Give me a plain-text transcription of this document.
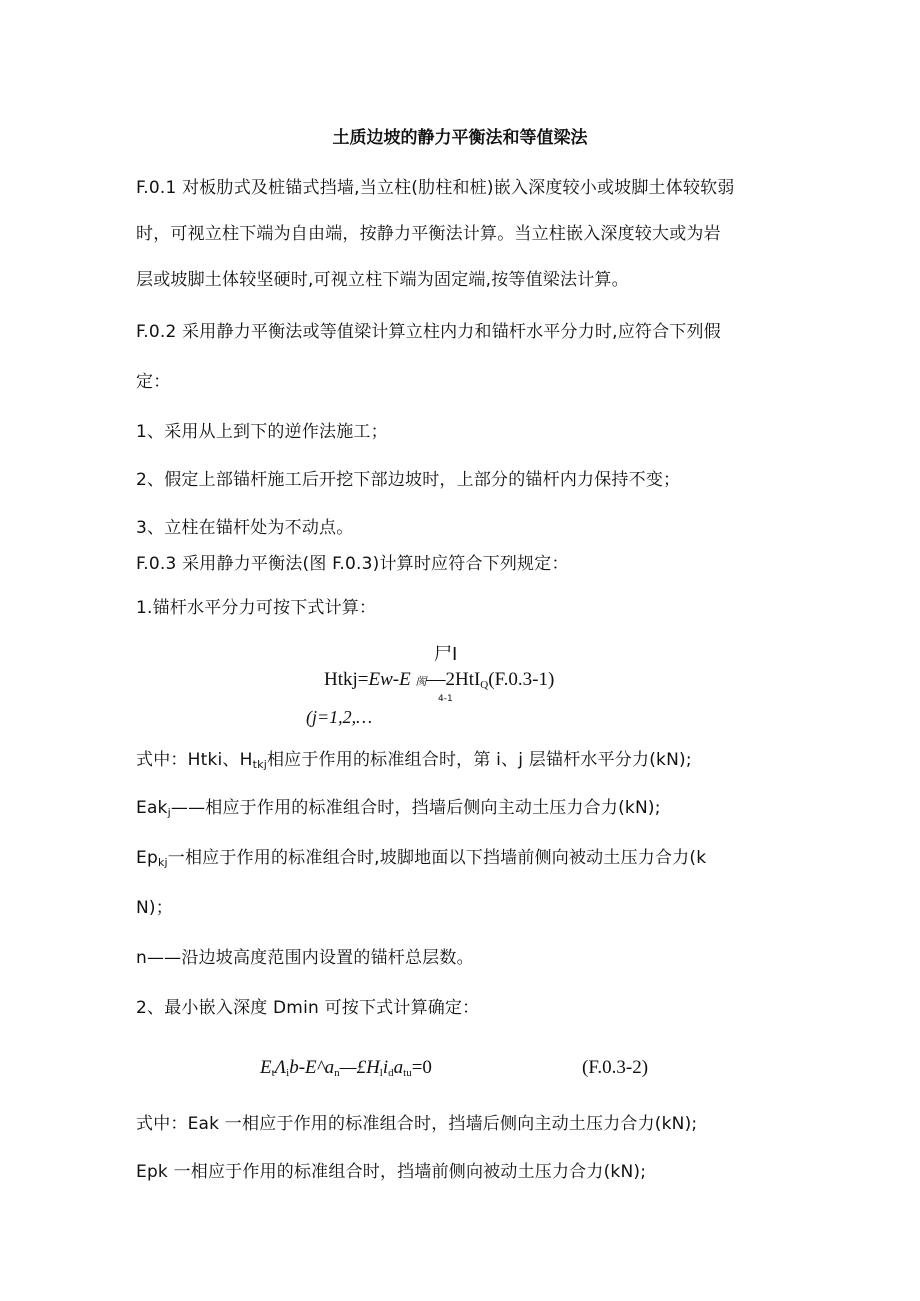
土质边坡的静力平衡法和等值梁法
F.0.1 对板肋式及桩锚式挡墙,当立柱(肋柱和桩)嵌入深度较小或坡脚土体较软弱
时，可视立柱下端为自由端，按静力平衡法计算。当立柱嵌入深度较大或为岩
层或坡脚土体较坚硬时,可视立柱下端为固定端,按等值梁法计算。
F.0.2 采用静力平衡法或等值梁计算立柱内力和锚杆水平分力时,应符合下列假
定：
1、采用从上到下的逆作法施工；
2、假定上部锚杆施工后开挖下部边坡时，上部分的锚杆内力保持不变；
3、立柱在锚杆处为不动点。
F.0.3 采用静力平衡法(图 F.0.3)计算时应符合下列规定：
1.锚杆水平分力可按下式计算：
尸I
Htkj=Ew-E 阂—2HtI$_Q$(F.0.3-1)
4-1
(j=1,2,…
式中：Htki、$H_{tkj}$相应于作用的标准组合时，第 i、j 层锚杆水平分力(kN);
Eak$_j$——相应于作用的标准组合时，挡墙后侧向主动土压力合力(kN);
$Ep_{kj}$一相应于作用的标准组合时,坡脚地面以下挡墙前侧向被动土压力合力(k
N)；
n——沿边坡高度范围内设置的锚杆总层数。
2、最小嵌入深度 Dmin 可按下式计算确定：
$E_t\Lambda_ib-E\^{}a_n—£H_li_da_{tu}=0$	(F.0.3-2)
式中：Eak 一相应于作用的标准组合时，挡墙后侧向主动土压力合力(kN);
Epk 一相应于作用的标准组合时，挡墙前侧向被动土压力合力(kN);
